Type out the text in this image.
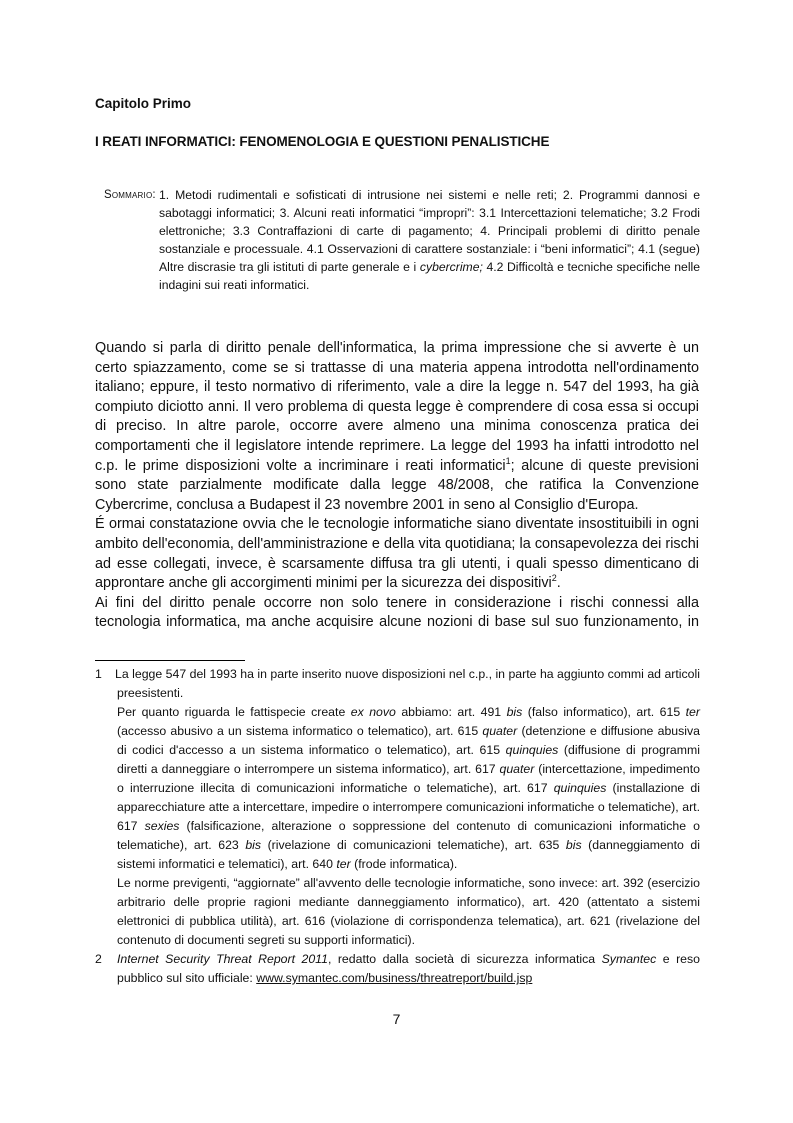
Capitolo Primo
I REATI INFORMATICI: FENOMENOLOGIA E QUESTIONI PENALISTICHE
Sommario: 1. Metodi rudimentali e sofisticati di intrusione nei sistemi e nelle reti; 2. Programmi dannosi e sabotaggi informatici; 3. Alcuni reati informatici “impropri”: 3.1 Intercettazioni telematiche; 3.2 Frodi elettroniche; 3.3 Contraffazioni di carte di pagamento; 4. Principali problemi di diritto penale sostanziale e processuale. 4.1 Osservazioni di carattere sostanziale: i “beni informatici”; 4.1 (segue) Altre discrasie tra gli istituti di parte generale e i cybercrime; 4.2 Difficoltà e tecniche specifiche nelle indagini sui reati informatici.

Quando si parla di diritto penale dell'informatica, la prima impressione che si avverte è un certo spiazzamento, come se si trattasse di una materia appena introdotta nell'ordinamento italiano; eppure, il testo normativo di riferimento, vale a dire la legge n. 547 del 1993, ha già compiuto diciotto anni. Il vero problema di questa legge è comprendere di cosa essa si occupi di preciso. In altre parole, occorre avere almeno una minima conoscenza pratica dei comportamenti che il legislatore intende reprimere. La legge del 1993 ha infatti introdotto nel c.p. le prime disposizioni volte a incriminare i reati informatici$^1$; alcune di queste previsioni sono state parzialmente modificate dalla legge 48/2008, che ratifica la Convenzione Cybercrime, conclusa a Budapest il 23 novembre 2001 in seno al Consiglio d'Europa.

É ormai constatazione ovvia che le tecnologie informatiche siano diventate insostituibili in ogni ambito dell'economia, dell'amministrazione e della vita quotidiana; la consapevolezza dei rischi ad esse collegati, invece, è scarsamente diffusa tra gli utenti, i quali spesso dimenticano di approntare anche gli accorgimenti minimi per la sicurezza dei dispositivi$^2$.

Ai fini del diritto penale occorre non solo tenere in considerazione i rischi connessi alla tecnologia informatica, ma anche acquisire alcune nozioni di base sul suo funzionamento, in

1 La legge 547 del 1993 ha in parte inserito nuove disposizioni nel c.p., in parte ha aggiunto commi ad articoli preesistenti.

Per quanto riguarda le fattispecie create ex novo abbiamo: art. 491 bis (falso informatico), art. 615 ter (accesso abusivo a un sistema informatico o telematico), art. 615 quater (detenzione e diffusione abusiva di codici d'accesso a un sistema informatico o telematico), art. 615 quinquies (diffusione di programmi diretti a danneggiare o interrompere un sistema informatico), art. 617 quater (intercettazione, impedimento o interruzione illecita di comunicazioni informatiche o telematiche), art. 617 quinquies (installazione di apparecchiature atte a intercettare, impedire o interrompere comunicazioni informatiche o telematiche), art. 617 sexies (falsificazione, alterazione o soppressione del contenuto di comunicazioni informatiche o telematiche), art. 623 bis (rivelazione di comunicazioni telematiche), art. 635 bis (danneggiamento di sistemi informatici e telematici), art. 640 ter (frode informatica).

Le norme previgenti, “aggiornate” all'avvento delle tecnologie informatiche, sono invece: art. 392 (esercizio arbitrario delle proprie ragioni mediante danneggiamento informatico), art. 420 (attentato a sistemi elettronici di pubblica utilità), art. 616 (violazione di corrispondenza telematica), art. 621 (rivelazione del contenuto di documenti segreti su supporti informatici).

2 Internet Security Threat Report 2011, redatto dalla società di sicurezza informatica Symantec e reso pubblico sul sito ufficiale: www.symantec.com/business/threatreport/build.jsp

7
